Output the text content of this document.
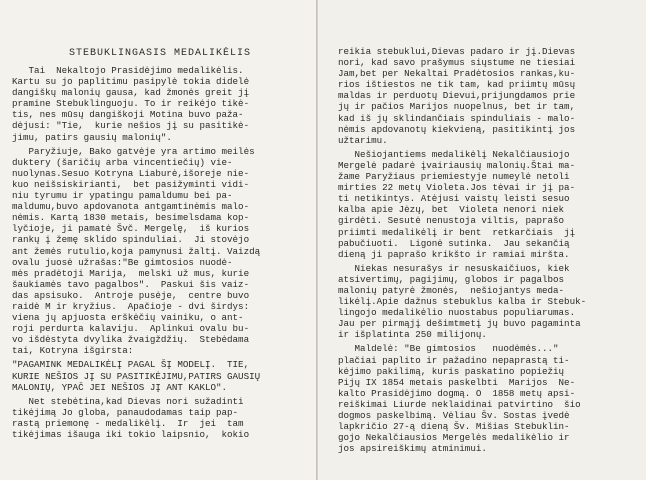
STEBUKLINGASIS MEDALIKĖLIS

Tai  Nekaltojo Prasidėjimo medalikėlis.
Kartu su jo paplitimu pasipylė tokia didelė
dangiškų malonių gausa, kad žmonės greit jį
pramine Stebuklinguoju. To ir reikėjo tikė-
tis, nes mūsų dangiškoji Motina buvo paža-
dėjusi: "Tie,  kurie nešios jį su pasitikė-
jimu, patirs gausių malonių".

Paryžiuje, Bako gatvėje yra artimo meilės
duktery (šaričių arba vincentiečių) vie-
nuolynas.Sesuo Kotryna Liaburė,išoreje nie-
kuo neišsiskirianti,  bet pasižyminti vidi-
niu tyrumu ir ypatingu pamaldumu bei pa-
maldumu,buvo apdovanota antgamtinėmis malo-
nėmis. Kartą 1830 metais, besimelsdama kop-
lyčioje, ji pamatė Švč. Mergelę,  iš kurios
rankų į žemę sklido spinduliai.  Ji stovėjo
ant žemės rutulio,koja pamynusi žaltį. Vaizdą
ovalu juosė užrašas:"Be gimtosios nuodė-
mės pradėtoji Marija,  melski už mus, kurie
šaukiamės tavo pagalbos".  Paskui šis vaiz-
das apsisuko.  Antroje pusėje,  centre buvo
raidė M ir kryžius.  Apačioje - dvi širdys:
viena jų apjuosta erškėčių vainiku, o ant-
roji perdurta kalaviju.  Aplinkui ovalu bu-
vo išdėstyta dvylika žvaigždžių.  Stebėdama
tai, Kotryna išgirsta:

"PAGAMINK MEDALIKĖLĮ PAGAL ŠĮ MODELĮ.  TIE,
KURIE NEŠIOS JĮ SU PASITIKĖJIMU,PATIRS GAUSIŲ
MALONIŲ, YPAČ JEI NEŠIOS JĮ ANT KAKLO".

Net stebėtina,kad Dievas nori sužadinti
tikėjimą Jo globa, panaudodamas taip pap-
rastą priemonę - medalikėlį.  Ir  jei  tam
tikėjimas išauga iki tokio laipsnio,  kokio

reikia stebuklui,Dievas padaro ir jį.Dievas
nori, kad savo prašymus siųstume ne tiesiai
Jam,bet per Nekaltai Pradėtosios rankas,ku-
rios ištiestos ne tik tam, kad priimtų mūsų
maldas ir perduotų Dievui,prijungdamos prie
jų ir pačios Marijos nuopelnus, bet ir tam,
kad iš jų sklindančiais spinduliais - malo-
nėmis apdovanotų kiekvieną, pasitikintį jos
užtarimu.

Nešiojantiems medalikėlį Nekalčiausiojo
Mergelė padarė įvairiausių malonių.Štai ma-
žame Paryžiaus priemiestyje numeylė netoli
mirties 22 metų Violeta.Jos tėvai ir jį pa-
ti netikintys. Atėjusi vaistų leisti sesuo
kalba apie Jėzų, bet  Violeta nenori niek
girdėti. Sesutė nenustoja viltis, paprašo
priimti medalikėlį ir bent  retkarčiais  jį
pabučiuoti.  Ligonė sutinka.  Jau sekančią
dieną ji paprašo krikšto ir ramiai miršta.

Niekas nesurašys ir nesuskaičiuos, kiek
atsivertimų, pagijimų, globos ir pagalbos
malonių patyrė žmonės,  nešiojantys meda-
likėlį.Apie dažnus stebuklus kalba ir Stebuk-
lingojo medalikėlio nuostabus populiarumas.
Jau per pirmąjį dešimtmetį jų buvo pagaminta
ir išplatinta 250 milijonų.

Maldelė: "Be gimtosios   nuodėmės..."
plačiai paplito ir pažadino nepaprastą ti-
kėjimo pakilimą, kuris paskatino popiežių
Pijų IX 1854 metais paskelbti  Marijos  Ne-
kalto Prasidėjimo dogmą. O  1858 metų apsi-
reiškimai Liurde neklaidinai patvirtino  šio
dogmos paskelbimą. Vėliau Šv. Sostas įvedė
lapkričio 27-ą dieną Šv. Mišias Stebuklin-
gojo Nekalčiausios Mergelės medalikėlio ir
jos apsireiškimų atminimui.
